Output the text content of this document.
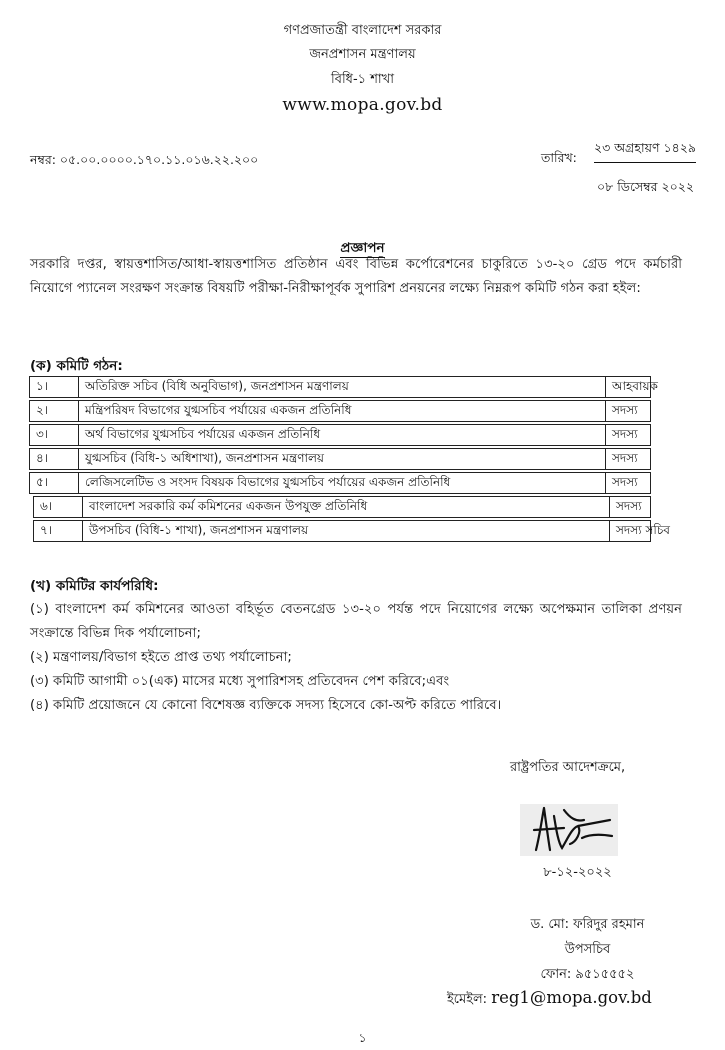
গণপ্রজাতন্ত্রী বাংলাদেশ সরকার
জনপ্রশাসন মন্ত্রণালয়
বিধি-১ শাখা
www.mopa.gov.bd
নম্বর: ০৫.০০.০০০০.১৭০.১১.০১৬.২২.২০০	তারিখ:
২৩ অগ্রহায়ণ ১৪২৯
০৮ ডিসেম্বর ২০২২
প্রজ্ঞাপন
সরকারি দপ্তর, স্বায়ত্তশাসিত/আধা-স্বায়ত্তশাসিত প্রতিষ্ঠান এবং বিভিন্ন কর্পোরেশনের চাকুরিতে ১৩-২০ গ্রেড পদে কর্মচারী নিয়োগে প্যানেল সংরক্ষণ সংক্রান্ত বিষয়টি পরীক্ষা-নিরীক্ষাপূর্বক সুপারিশ প্রনয়নের লক্ষ্যে নিম্নরূপ কমিটি গঠন করা হইল:
(ক) কমিটি গঠন:
১।	অতিরিক্ত সচিব (বিধি অনুবিভাগ), জনপ্রশাসন মন্ত্রণালয়	আহবায়ক
২।	মন্ত্রিপরিষদ বিভাগের যুগ্মসচিব পর্যায়ের একজন প্রতিনিধি	সদস্য
৩।	অর্থ বিভাগের যুগ্মসচিব পর্যায়ের একজন প্রতিনিধি	সদস্য
৪।	যুগ্মসচিব (বিধি-১ অধিশাখা), জনপ্রশাসন মন্ত্রণালয়	সদস্য
৫।	লেজিসলেটিভ ও সংসদ বিষয়ক বিভাগের যুগ্মসচিব পর্যায়ের একজন প্রতিনিধি	সদস্য
৬।	বাংলাদেশ সরকারি কর্ম কমিশনের একজন উপযুক্ত প্রতিনিধি	সদস্য
৭।	উপসচিব (বিধি-১ শাখা), জনপ্রশাসন মন্ত্রণালয়	সদস্য সচিব
(খ) কমিটির কার্যপরিধি:

(১) বাংলাদেশ কর্ম কমিশনের আওতা বহির্ভূত বেতনগ্রেড ১৩-২০ পর্যন্ত পদে নিয়োগের লক্ষ্যে অপেক্ষমান তালিকা প্রণয়ন সংক্রান্তে বিভিন্ন দিক পর্যালোচনা;

(২) মন্ত্রণালয়/বিভাগ হইতে প্রাপ্ত তথ্য পর্যালোচনা;

(৩) কমিটি আগামী ০১(এক) মাসের মধ্যে সুপারিশসহ প্রতিবেদন পেশ করিবে;এবং

(৪) কমিটি প্রয়োজনে যে কোনো বিশেষজ্ঞ ব্যক্তিকে সদস্য হিসেবে কো-অপ্ট করিতে পারিবে।

রাষ্ট্রপতির আদেশক্রমে,
৮-১২-২০২২
ড. মো: ফরিদুর রহমান
উপসচিব
ফোন: ৯৫১৫৫৫২
ইমেইল: reg1@mopa.gov.bd
১
